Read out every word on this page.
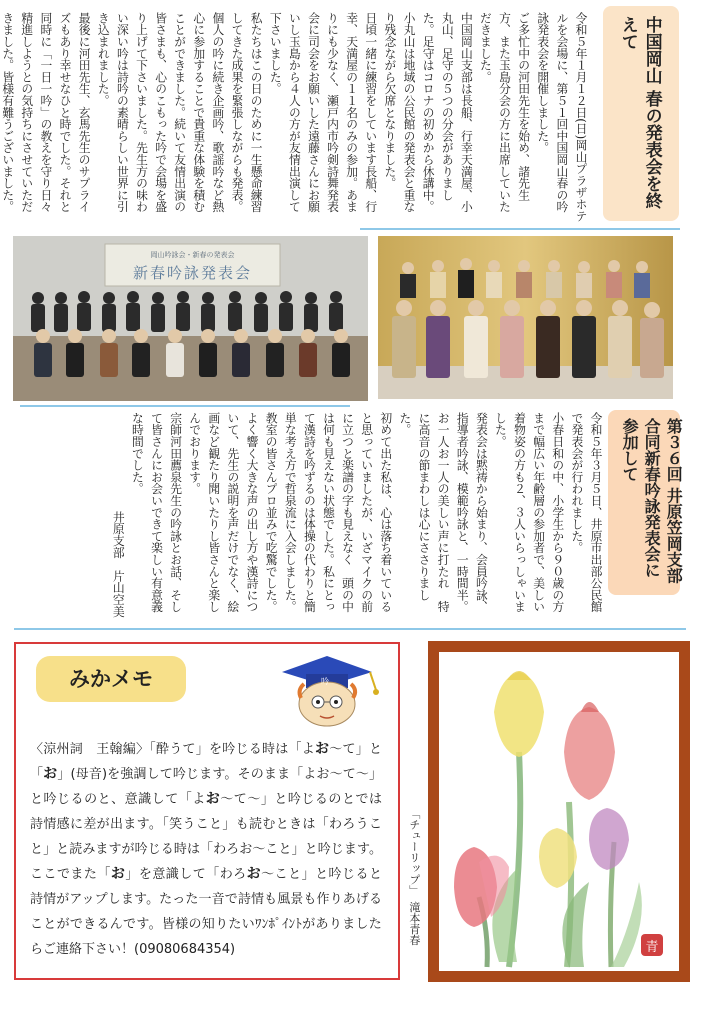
中国岡山 春の発表会を終えて

令和５年１月１２日(日)岡山プラザホテルを会場に、第５１回中国岡山春の吟詠発表会を開催しました。

ご多忙中の河田先生を始め、諸先生方、また玉島分会の方に出席していただきました。

中国岡山支部は長船、行幸天満屋、小丸山、足守の５つの分会がありました。足守はコロナの初めから休講中。小丸山は地域の公民館の発表会と重なり残念ながら欠席となりました。

日頃一緒に練習をしています長船、行幸、天満屋の１１名のみの参加。あまりにも少なく、瀬戸内市吟剣詩舞発表会に司会をお願いした遠藤さんにお願いし玉島から４人の方が友情出演して下さいました。

私たちはこの日のために一生懸命練習してきた成果を緊張しながらも発表。個人の吟に続き企画吟、歌謡吟など熱心に参加することで貴重な体験を積むことができました。続いて友情出演の皆さまも、心のこもった吟で会場を盛り上げて下さいました。先生方の味わい深い吟は詩吟の素晴らしい世界に引き込まれました。

最後に河田先生、玄馬先生のサプライズもあり幸せなひと時でした。それと同時に「一日一吟」の教えを守り日々精進しようとの気持ちにさせていただきました。皆様有難うございました。

岡山吟詠会・新春の発表会
新春吟詠発表会
第３６回 井原笠岡支部合同新春吟詠発表会に参加して

令和５年３月５日、井原市出部公民館で発表会が行われました。

小春日和の中、小学生から９０歳の方まで幅広い年齢層の参加者で、美しい着物姿の方も２、３人いらっしゃいました。

発表会は黙祷から始まり、会員吟詠、指導者吟詠、模範吟詠と、一時間半。お一人お一人の美しい声に打たれ　特に高音の節まわしは心にささりました。

初めて出た私は、心は落ち着いていると思っていましたが、いざマイクの前に立つと楽譜の字も見えなく　頭の中は何も見えない状態でした。私にとって漢詩を吟ずるのは体操の代わりと簡単な考え方で哲泉流に入会しました。教室の皆さんプロ並みで吃驚でした。

よく響く大きな声の出し方や漢詩について、先生の説明を声だけでなく、絵画など観たり聞いたりし皆さんと楽しんでおります。

宗師河田薦泉先生の吟詠とお話、そして皆さんにお会いできて楽しい有意義な時間でした。

井原支部　片山空美

みかメモ	吟
〈涼州詞　王翰編〉「酔うて」を吟じる時は「よお〜て」と「お」(母音)を強調して吟じます。そのまま「よお〜て〜」と吟じるのと、意識して「よお〜て〜」と吟じるのとでは詩情感に差が出ます。「笑うこと」も読むときは「わろうこと」と読みますが吟じる時は「わろお〜こと」と吟じます。ここでまた「お」を意識して「わろお〜こと」と吟じると詩情がアップします。たった一音で詩情も風景も作りあげることができるんです。皆様の知りたいﾜﾝﾎﾟｲﾝﾄがありましたらご連絡下さい！(09080684354)
「チューリップ」　滝本青春
青
